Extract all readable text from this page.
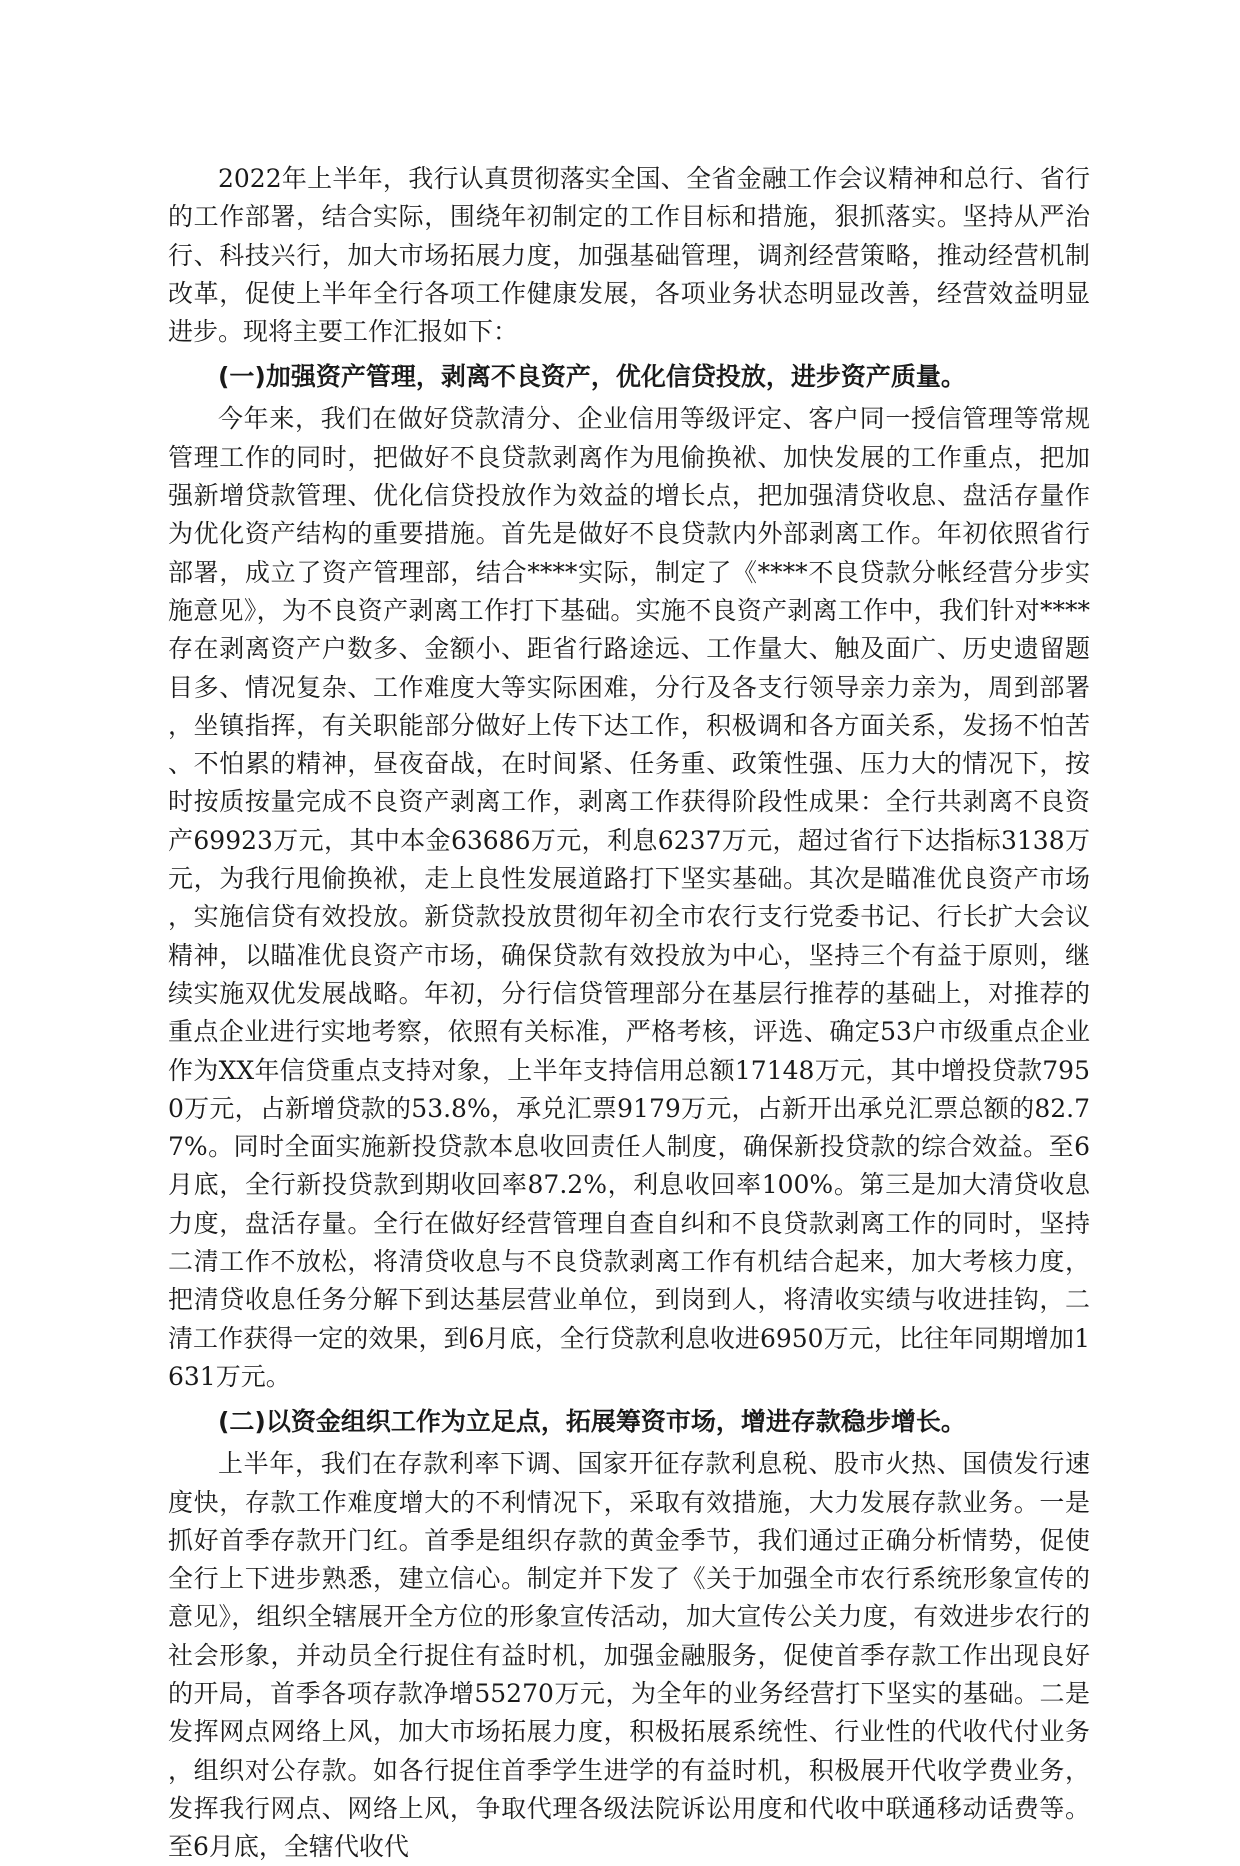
2022年上半年，我行认真贯彻落实全国、全省金融工作会议精神和总行、省行的工作部署，结合实际，围绕年初制定的工作目标和措施，狠抓落实。坚持从严治行、科技兴行，加大市场拓展力度，加强基础管理，调剂经营策略，推动经营机制改革，促使上半年全行各项工作健康发展，各项业务状态明显改善，经营效益明显进步。现将主要工作汇报如下：

(一)加强资产管理，剥离不良资产，优化信贷投放，进步资产质量。

今年来，我们在做好贷款清分、企业信用等级评定、客户同一授信管理等常规管理工作的同时，把做好不良贷款剥离作为甩偷换袱、加快发展的工作重点，把加强新增贷款管理、优化信贷投放作为效益的增长点，把加强清贷收息、盘活存量作为优化资产结构的重要措施。首先是做好不良贷款内外部剥离工作。年初依照省行部署，成立了资产管理部，结合****实际，制定了《****不良贷款分帐经营分步实施意见》，为不良资产剥离工作打下基础。实施不良资产剥离工作中，我们针对****存在剥离资产户数多、金额小、距省行路途远、工作量大、触及面广、历史遗留题目多、情况复杂、工作难度大等实际困难，分行及各支行领导亲力亲为，周到部署，坐镇指挥，有关职能部分做好上传下达工作，积极调和各方面关系，发扬不怕苦、不怕累的精神，昼夜奋战，在时间紧、任务重、政策性强、压力大的情况下，按时按质按量完成不良资产剥离工作，剥离工作获得阶段性成果：全行共剥离不良资产69923万元，其中本金63686万元，利息6237万元，超过省行下达指标3138万元，为我行甩偷换袱，走上良性发展道路打下坚实基础。其次是瞄准优良资产市场，实施信贷有效投放。新贷款投放贯彻年初全市农行支行党委书记、行长扩大会议精神，以瞄准优良资产市场，确保贷款有效投放为中心，坚持三个有益于原则，继续实施双优发展战略。年初，分行信贷管理部分在基层行推荐的基础上，对推荐的重点企业进行实地考察，依照有关标准，严格考核，评选、确定53户市级重点企业作为XX年信贷重点支持对象，上半年支持信用总额17148万元，其中增投贷款7950万元，占新增贷款的53.8%，承兑汇票9179万元，占新开出承兑汇票总额的82.77%。同时全面实施新投贷款本息收回责任人制度，确保新投贷款的综合效益。至6月底，全行新投贷款到期收回率87.2%，利息收回率100%。第三是加大清贷收息力度，盘活存量。全行在做好经营管理自查自纠和不良贷款剥离工作的同时，坚持二清工作不放松，将清贷收息与不良贷款剥离工作有机结合起来，加大考核力度，把清贷收息任务分解下到达基层营业单位，到岗到人，将清收实绩与收进挂钩，二清工作获得一定的效果，到6月底，全行贷款利息收进6950万元，比往年同期增加1631万元。

(二)以资金组织工作为立足点，拓展筹资市场，增进存款稳步增长。

上半年，我们在存款利率下调、国家开征存款利息税、股市火热、国债发行速度快，存款工作难度增大的不利情况下，采取有效措施，大力发展存款业务。一是抓好首季存款开门红。首季是组织存款的黄金季节，我们通过正确分析情势，促使全行上下进步熟悉，建立信心。制定并下发了《关于加强全市农行系统形象宣传的意见》，组织全辖展开全方位的形象宣传活动，加大宣传公关力度，有效进步农行的社会形象，并动员全行捉住有益时机，加强金融服务，促使首季存款工作出现良好的开局，首季各项存款净增55270万元，为全年的业务经营打下坚实的基础。二是发挥网点网络上风，加大市场拓展力度，积极拓展系统性、行业性的代收代付业务，组织对公存款。如各行捉住首季学生进学的有益时机，积极展开代收学费业务，发挥我行网点、网络上风，争取代理各级法院诉讼用度和代收中联通移动话费等。至6月底，全辖代收代
